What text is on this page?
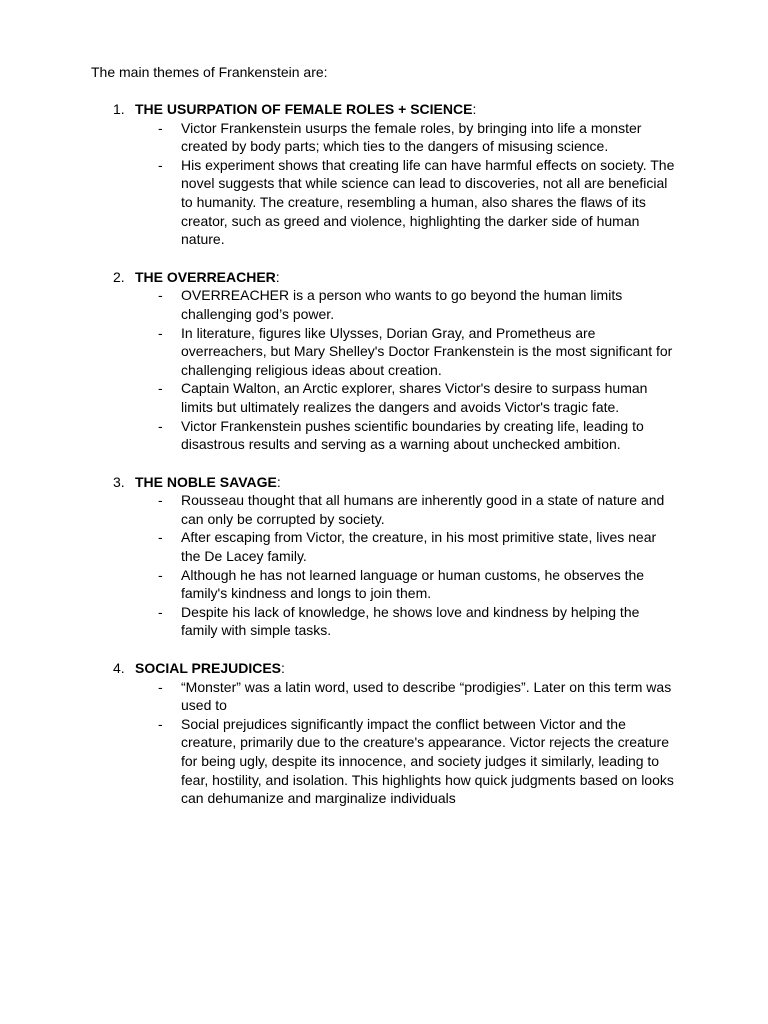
The main themes of Frankenstein are:

1. THE USURPATION OF FEMALE ROLES + SCIENCE:
- Victor Frankenstein usurps the female roles, by bringing into life a monster created by body parts; which ties to the dangers of misusing science.
- His experiment shows that creating life can have harmful effects on society. The novel suggests that while science can lead to discoveries, not all are beneficial to humanity. The creature, resembling a human, also shares the flaws of its creator, such as greed and violence, highlighting the darker side of human nature.
2. THE OVERREACHER:
- OVERREACHER is a person who wants to go beyond the human limits challenging god’s power.
- In literature, figures like Ulysses, Dorian Gray, and Prometheus are overreachers, but Mary Shelley's Doctor Frankenstein is the most significant for challenging religious ideas about creation.
- Captain Walton, an Arctic explorer, shares Victor's desire to surpass human limits but ultimately realizes the dangers and avoids Victor's tragic fate.
- Victor Frankenstein pushes scientific boundaries by creating life, leading to disastrous results and serving as a warning about unchecked ambition.
3. THE NOBLE SAVAGE:
- Rousseau thought that all humans are inherently good in a state of nature and can only be corrupted by society.
- After escaping from Victor, the creature, in his most primitive state, lives near the De Lacey family.
- Although he has not learned language or human customs, he observes the family's kindness and longs to join them.
- Despite his lack of knowledge, he shows love and kindness by helping the family with simple tasks.
4. SOCIAL PREJUDICES:
- “Monster” was a latin word, used to describe “prodigies”. Later on this term was used to
- Social prejudices significantly impact the conflict between Victor and the creature, primarily due to the creature's appearance. Victor rejects the creature for being ugly, despite its innocence, and society judges it similarly, leading to fear, hostility, and isolation. This highlights how quick judgments based on looks can dehumanize and marginalize individuals
